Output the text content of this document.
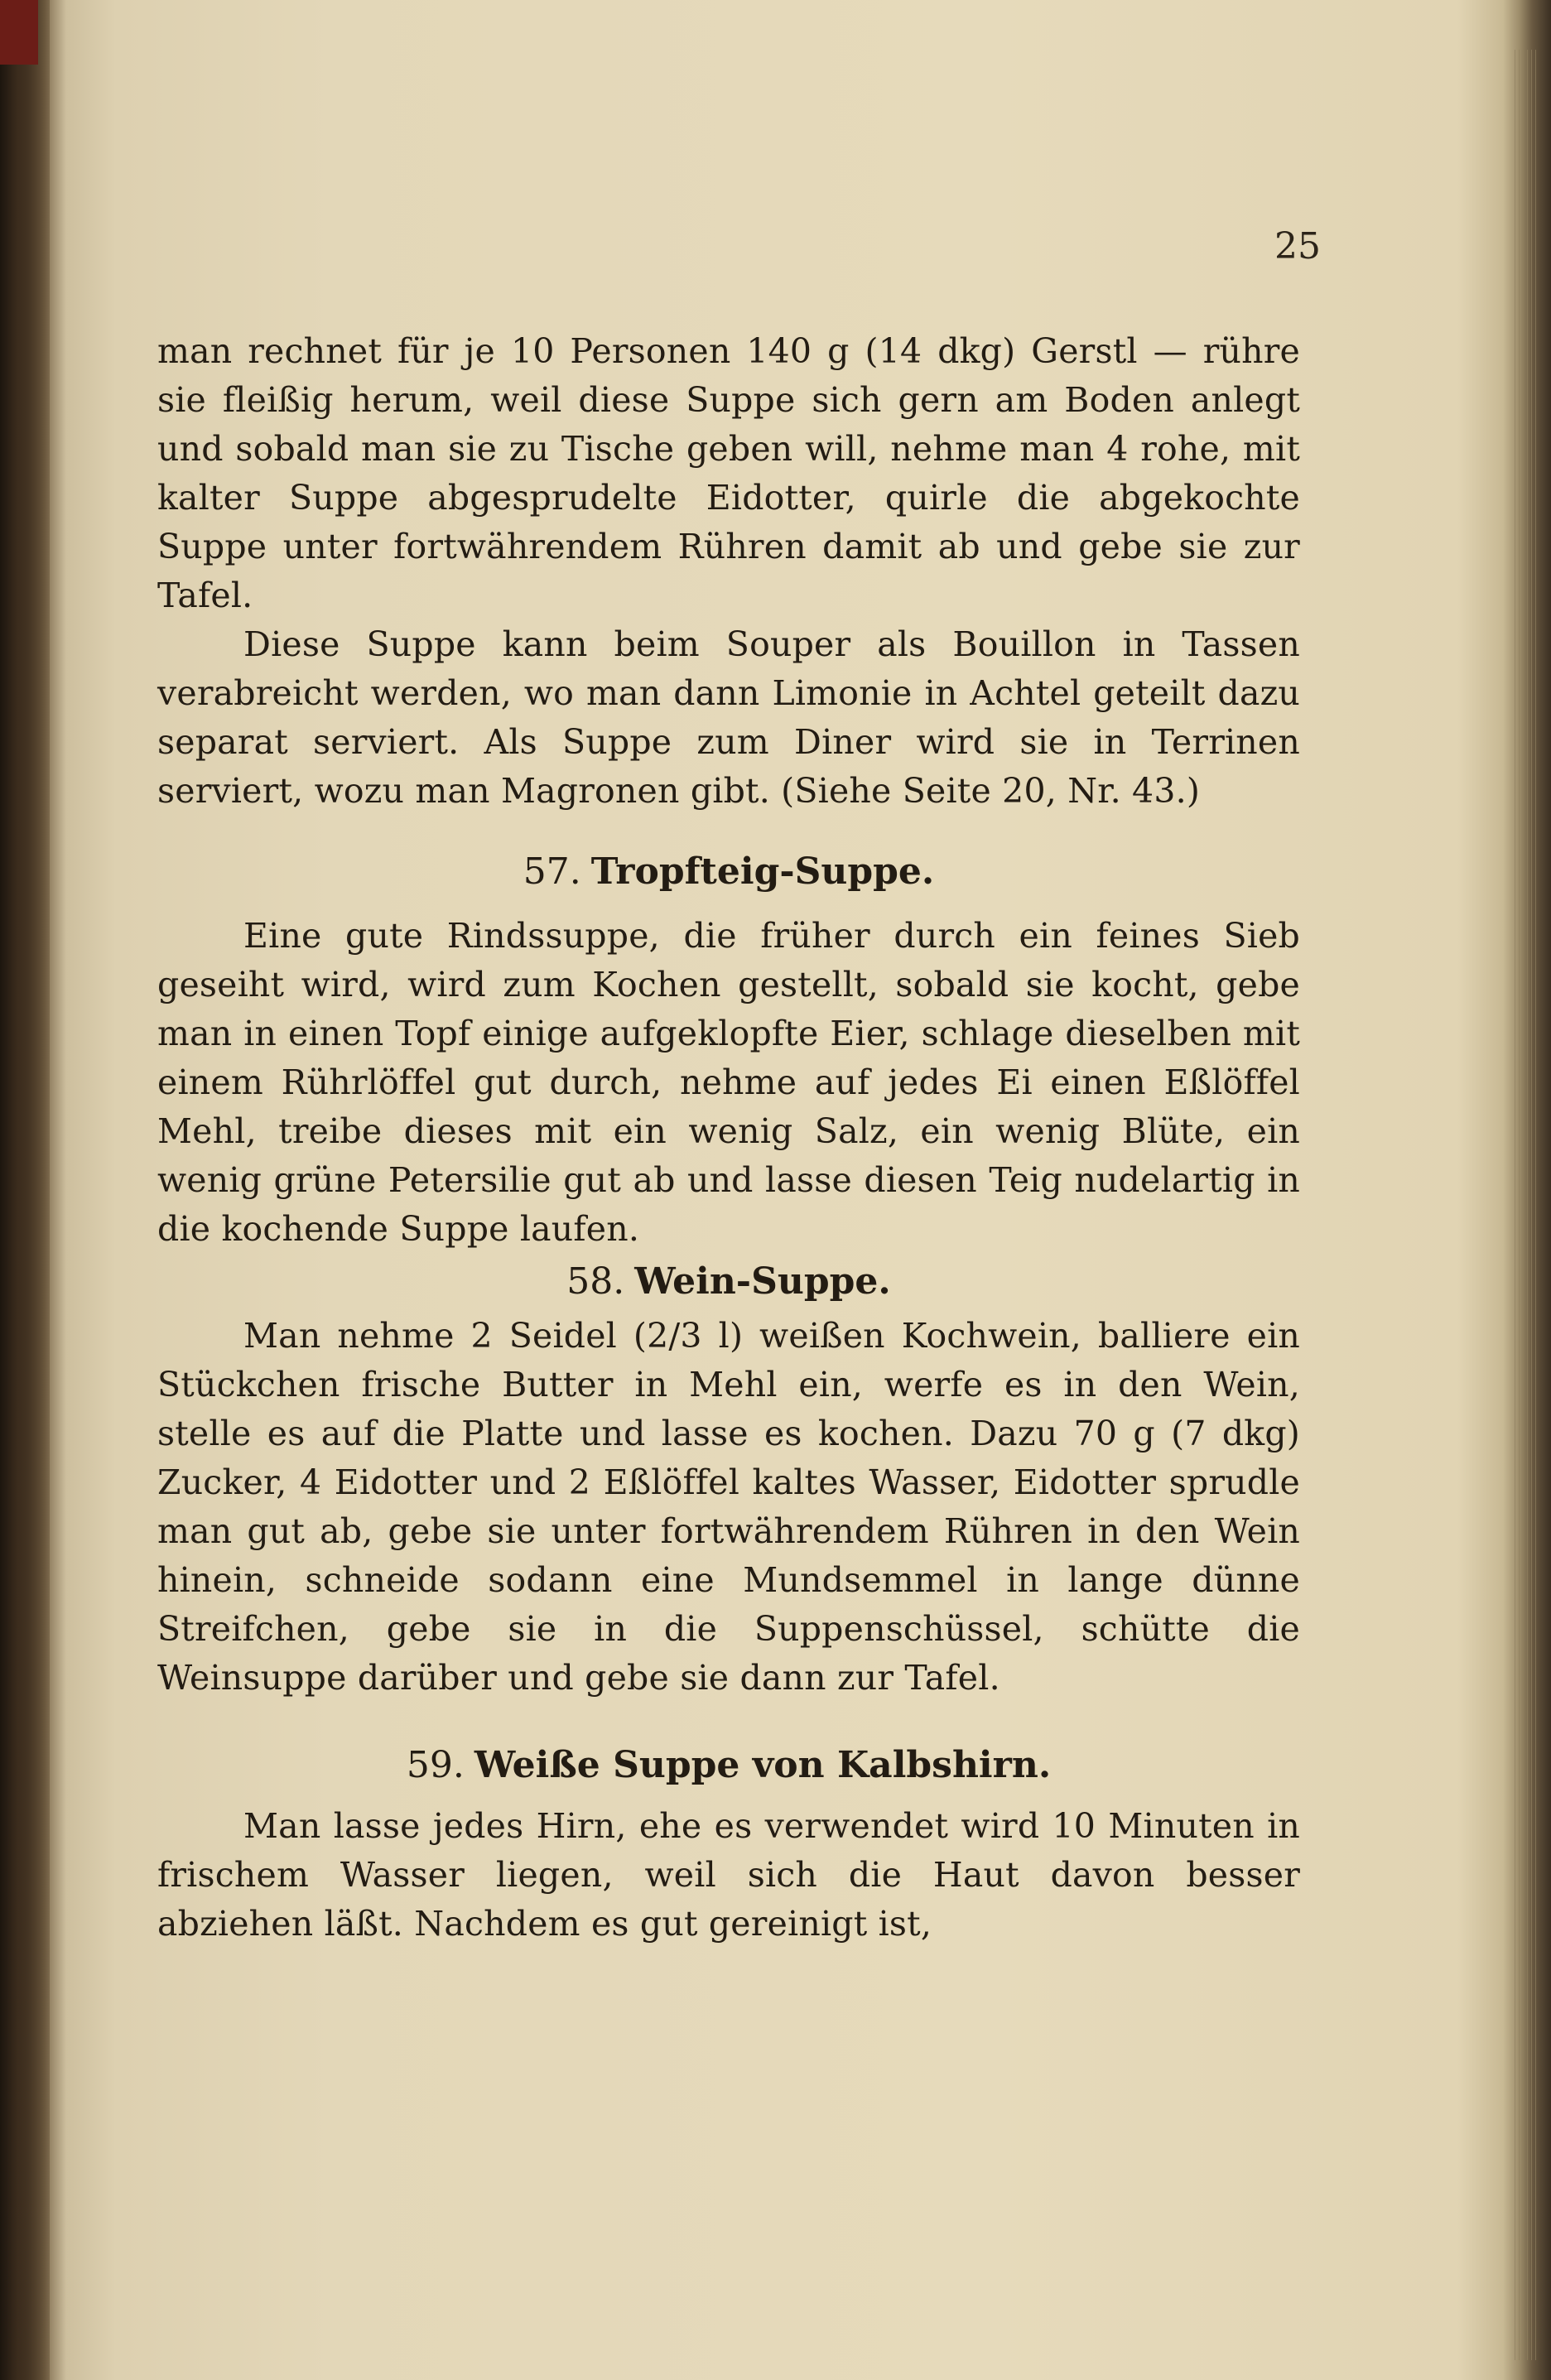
25

man rechnet für je 10 Personen 140 g (14 dkg) Gerstl — rühre sie fleißig herum, weil diese Suppe sich gern am Boden anlegt und sobald man sie zu Tische geben will, nehme man 4 rohe, mit kalter Suppe abgesprudelte Eidotter, quirle die abgekochte Suppe unter fortwährendem Rühren damit ab und gebe sie zur Tafel.

Diese Suppe kann beim Souper als Bouillon in Tassen verabreicht werden, wo man dann Limonie in Achtel geteilt dazu separat serviert. Als Suppe zum Diner wird sie in Terrinen serviert, wozu man Magronen gibt. (Siehe Seite 20, Nr. 43.)

57. Tropfteig-Suppe.

Eine gute Rindssuppe, die früher durch ein feines Sieb geseiht wird, wird zum Kochen gestellt, sobald sie kocht, gebe man in einen Topf einige aufgeklopfte Eier, schlage dieselben mit einem Rührlöffel gut durch, nehme auf jedes Ei einen Eßlöffel Mehl, treibe dieses mit ein wenig Salz, ein wenig Blüte, ein wenig grüne Petersilie gut ab und lasse diesen Teig nudelartig in die kochende Suppe laufen.

58. Wein-Suppe.

Man nehme 2 Seidel (2/3 l) weißen Kochwein, balliere ein Stückchen frische Butter in Mehl ein, werfe es in den Wein, stelle es auf die Platte und lasse es kochen. Dazu 70 g (7 dkg) Zucker, 4 Eidotter und 2 Eßlöffel kaltes Wasser, Eidotter sprudle man gut ab, gebe sie unter fortwährendem Rühren in den Wein hinein, schneide sodann eine Mundsemmel in lange dünne Streifchen, gebe sie in die Suppenschüssel, schütte die Weinsuppe darüber und gebe sie dann zur Tafel.

59. Weiße Suppe von Kalbshirn.

Man lasse jedes Hirn, ehe es verwendet wird 10 Minuten in frischem Wasser liegen, weil sich die Haut davon besser abziehen läßt. Nachdem es gut gereinigt ist,
